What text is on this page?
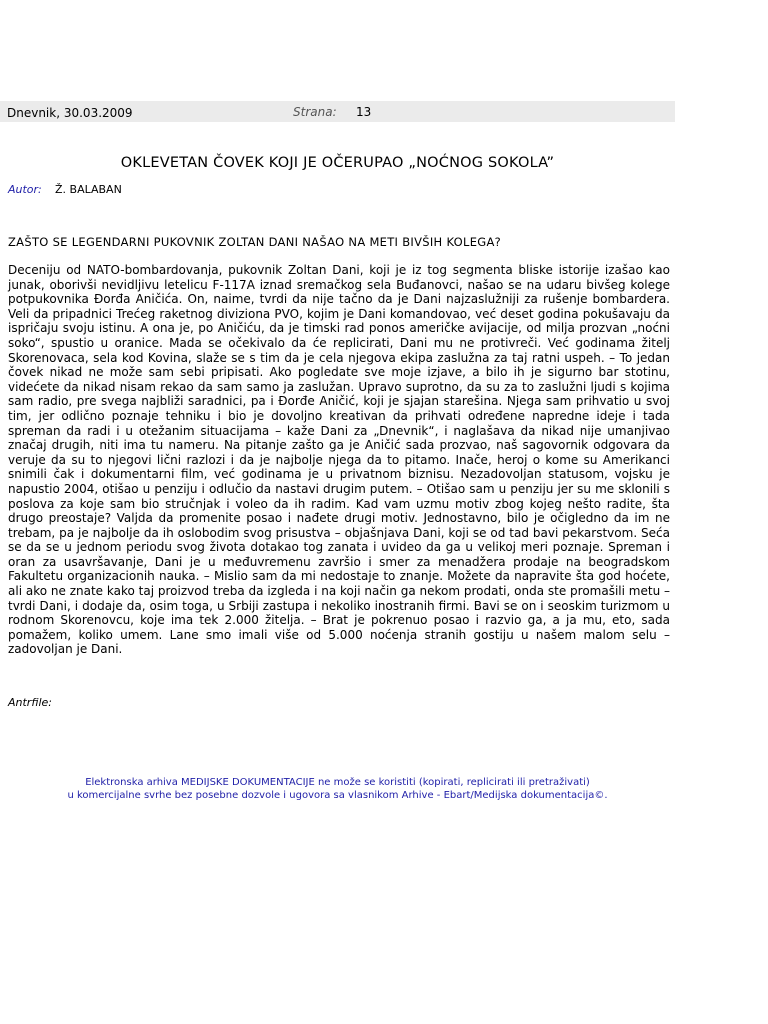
Dnevnik, 30.03.2009	Strana: 13
OKLEVETAN ČOVEK KOJI JE OČERUPAO „NOĆNOG SOKOLA”
Autor: Ž. BALABAN
ZAŠTO SE LEGENDARNI PUKOVNIK ZOLTAN DANI NAŠAO NA METI BIVŠIH KOLEGA?
Deceniju od NATO-bombardovanja, pukovnik Zoltan Dani, koji je iz tog segmenta bliske istorije izašao kao junak, oborivši nevidljivu letelicu F-117A iznad sremačkog sela Buđanovci, našao se na udaru bivšeg kolege potpukovnika Đorđa Aničića. On, naime, tvrdi da nije tačno da je Dani najzaslužniji za rušenje bombardera. Veli da pripadnici Trećeg raketnog diviziona PVO, kojim je Dani komandovao, već deset godina pokušavaju da ispričaju svoju istinu. A ona je, po Aničiću, da je timski rad ponos američke avijacije, od milja prozvan „noćni soko“, spustio u oranice. Mada se očekivalo da će replicirati, Dani mu ne protivreči. Već godinama žitelj Skorenovaca, sela kod Kovina, slaže se s tim da je cela njegova ekipa zaslužna za taj ratni uspeh. – To jedan čovek nikad ne može sam sebi pripisati. Ako pogledate sve moje izjave, a bilo ih je sigurno bar stotinu, videćete da nikad nisam rekao da sam samo ja zaslužan. Upravo suprotno, da su za to zaslužni ljudi s kojima sam radio, pre svega najbliži saradnici, pa i Đorđe Aničić, koji je sjajan starešina. Njega sam prihvatio u svoj tim, jer odlično poznaje tehniku i bio je dovoljno kreativan da prihvati određene napredne ideje i tada spreman da radi i u otežanim situacijama – kaže Dani za „Dnevnik“, i naglašava da nikad nije umanjivao značaj drugih, niti ima tu nameru. Na pitanje zašto ga je Aničić sada prozvao, naš sagovornik odgovara da veruje da su to njegovi lični razlozi i da je najbolje njega da to pitamo. Inače, heroj o kome su Amerikanci snimili čak i dokumentarni film, već godinama je u privatnom biznisu. Nezadovoljan statusom, vojsku je napustio 2004, otišao u penziju i odlučio da nastavi drugim putem. – Otišao sam u penziju jer su me sklonili s poslova za koje sam bio stručnjak i voleo da ih radim. Kad vam uzmu motiv zbog kojeg nešto radite, šta drugo preostaje? Valjda da promenite posao i nađete drugi motiv. Jednostavno, bilo je očigledno da im ne trebam, pa je najbolje da ih oslobodim svog prisustva – objašnjava Dani, koji se od tad bavi pekarstvom. Seća se da se u jednom periodu svog života dotakao tog zanata i uvideo da ga u velikoj meri poznaje. Spreman i oran za usavršavanje, Dani je u međuvremenu završio i smer za menadžera prodaje na beogradskom Fakultetu organizacionih nauka. – Mislio sam da mi nedostaje to znanje. Možete da napravite šta god hoćete, ali ako ne znate kako taj proizvod treba da izgleda i na koji način ga nekom prodati, onda ste promašili metu – tvrdi Dani, i dodaje da, osim toga, u Srbiji zastupa i nekoliko inostranih firmi. Bavi se on i seoskim turizmom u rodnom Skorenovcu, koje ima tek 2.000 žitelja. – Brat je pokrenuo posao i razvio ga, a ja mu, eto, sada pomažem, koliko umem. Lane smo imali više od 5.000 noćenja stranih gostiju u našem malom selu – zadovoljan je Dani.
Antrfile:
Elektronska arhiva MEDIJSKE DOKUMENTACIJE ne može se koristiti (kopirati, replicirati ili pretraživati)
u komercijalne svrhe bez posebne dozvole i ugovora sa vlasnikom Arhive - Ebart/Medijska dokumentacija©.
